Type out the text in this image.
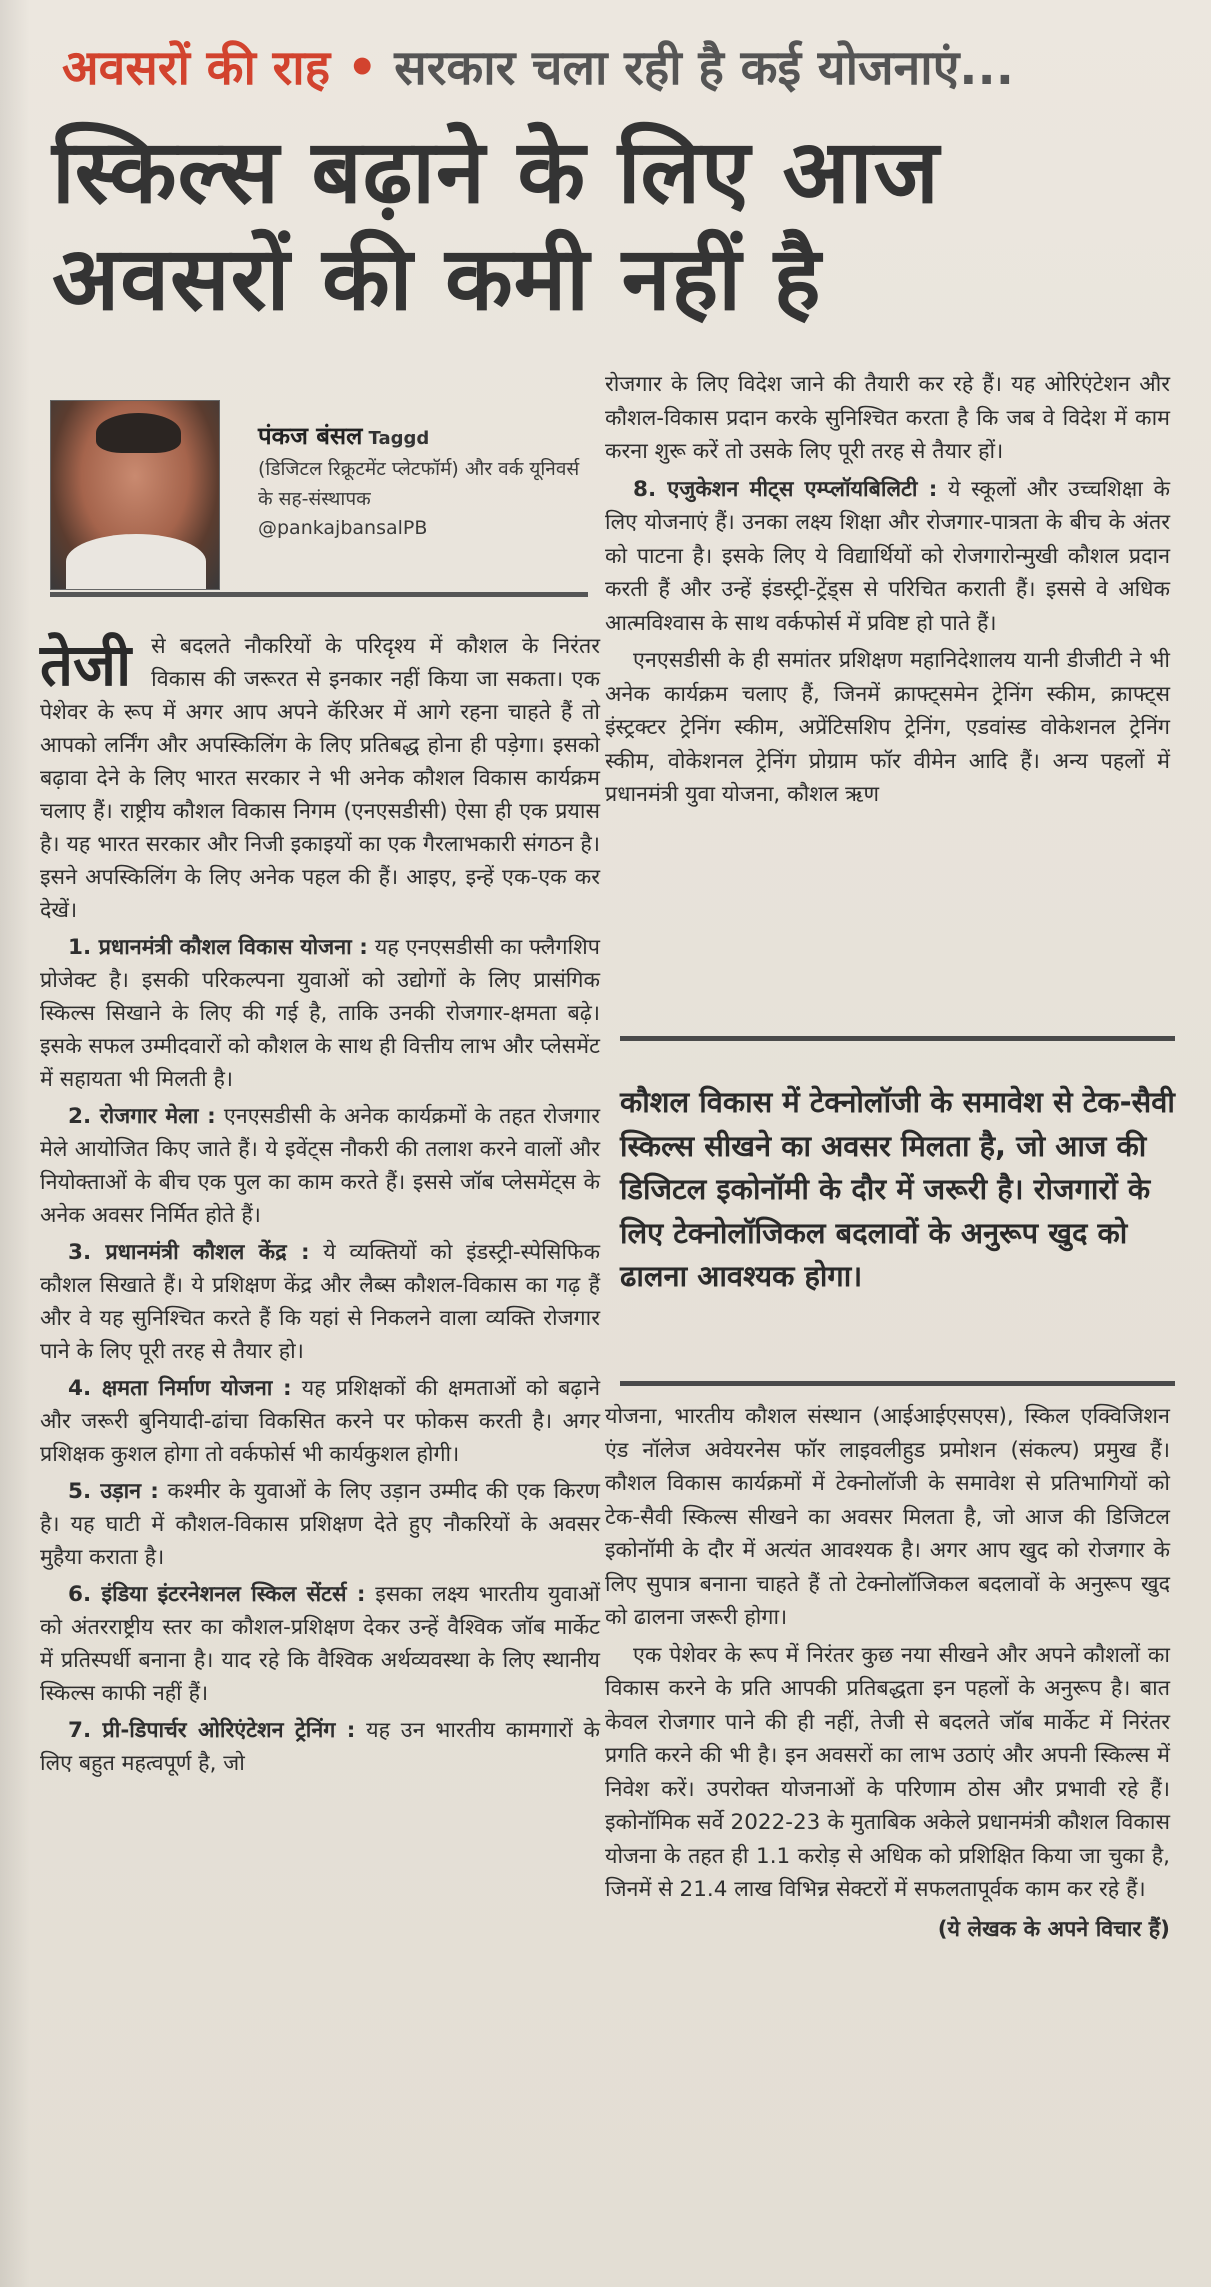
अवसरों की राह • सरकार चला रही है कई योजनाएं...
स्किल्स बढ़ाने के लिए आज
अवसरों की कमी नहीं है
पंकज बंसल Taggd
(डिजिटल रिक्रूटमेंट प्लेटफॉर्म) और वर्क यूनिवर्स के सह-संस्थापक
@pankajbansalPB

तेजी से बदलते नौकरियों के परिदृश्य में कौशल के निरंतर विकास की जरूरत से इनकार नहीं किया जा सकता। एक पेशेवर के रूप में अगर आप अपने कॅरिअर में आगे रहना चाहते हैं तो आपको लर्निंग और अपस्किलिंग के लिए प्रतिबद्ध होना ही पड़ेगा। इसको बढ़ावा देने के लिए भारत सरकार ने भी अनेक कौशल विकास कार्यक्रम चलाए हैं। राष्ट्रीय कौशल विकास निगम (एनएसडीसी) ऐसा ही एक प्रयास है। यह भारत सरकार और निजी इकाइयों का एक गैरलाभकारी संगठन है। इसने अपस्किलिंग के लिए अनेक पहल की हैं। आइए, इन्हें एक-एक कर देखें।

1. प्रधानमंत्री कौशल विकास योजना : यह एनएसडीसी का फ्लैगशिप प्रोजेक्ट है। इसकी परिकल्पना युवाओं को उद्योगों के लिए प्रासंगिक स्किल्स सिखाने के लिए की गई है, ताकि उनकी रोजगार-क्षमता बढ़े। इसके सफल उम्मीदवारों को कौशल के साथ ही वित्तीय लाभ और प्लेसमेंट में सहायता भी मिलती है।

2. रोजगार मेला : एनएसडीसी के अनेक कार्यक्रमों के तहत रोजगार मेले आयोजित किए जाते हैं। ये इवेंट्स नौकरी की तलाश करने वालों और नियोक्ताओं के बीच एक पुल का काम करते हैं। इससे जॉब प्लेसमेंट्स के अनेक अवसर निर्मित होते हैं।

3. प्रधानमंत्री कौशल केंद्र : ये व्यक्तियों को इंडस्ट्री-स्पेसिफिक कौशल सिखाते हैं। ये प्रशिक्षण केंद्र और लैब्स कौशल-विकास का गढ़ हैं और वे यह सुनिश्चित करते हैं कि यहां से निकलने वाला व्यक्ति रोजगार पाने के लिए पूरी तरह से तैयार हो।

4. क्षमता निर्माण योजना : यह प्रशिक्षकों की क्षमताओं को बढ़ाने और जरूरी बुनियादी-ढांचा विकसित करने पर फोकस करती है। अगर प्रशिक्षक कुशल होगा तो वर्कफोर्स भी कार्यकुशल होगी।

5. उड़ान : कश्मीर के युवाओं के लिए उड़ान उम्मीद की एक किरण है। यह घाटी में कौशल-विकास प्रशिक्षण देते हुए नौकरियों के अवसर मुहैया कराता है।

6. इंडिया इंटरनेशनल स्किल सेंटर्स : इसका लक्ष्य भारतीय युवाओं को अंतरराष्ट्रीय स्तर का कौशल-प्रशिक्षण देकर उन्हें वैश्विक जॉब मार्केट में प्रतिस्पर्धी बनाना है। याद रहे कि वैश्विक अर्थव्यवस्था के लिए स्थानीय स्किल्स काफी नहीं हैं।

7. प्री-डिपार्चर ओरिएंटेशन ट्रेनिंग : यह उन भारतीय कामगारों के लिए बहुत महत्वपूर्ण है, जो

रोजगार के लिए विदेश जाने की तैयारी कर रहे हैं। यह ओरिएंटेशन और कौशल-विकास प्रदान करके सुनिश्चित करता है कि जब वे विदेश में काम करना शुरू करें तो उसके लिए पूरी तरह से तैयार हों।

8. एजुकेशन मीट्स एम्प्लॉयबिलिटी : ये स्कूलों और उच्चशिक्षा के लिए योजनाएं हैं। उनका लक्ष्य शिक्षा और रोजगार-पात्रता के बीच के अंतर को पाटना है। इसके लिए ये विद्यार्थियों को रोजगारोन्मुखी कौशल प्रदान करती हैं और उन्हें इंडस्ट्री-ट्रेंड्स से परिचित कराती हैं। इससे वे अधिक आत्मविश्वास के साथ वर्कफोर्स में प्रविष्ट हो पाते हैं।

एनएसडीसी के ही समांतर प्रशिक्षण महानिदेशालय यानी डीजीटी ने भी अनेक कार्यक्रम चलाए हैं, जिनमें क्राफ्ट्समेन ट्रेनिंग स्कीम, क्राफ्ट्स इंस्ट्रक्टर ट्रेनिंग स्कीम, अप्रेंटिसशिप ट्रेनिंग, एडवांस्ड वोकेशनल ट्रेनिंग स्कीम, वोकेशनल ट्रेनिंग प्रोग्राम फॉर वीमेन आदि हैं। अन्य पहलों में प्रधानमंत्री युवा योजना, कौशल ऋण

कौशल विकास में टेक्नोलॉजी के समावेश से टेक-सैवी स्किल्स सीखने का अवसर मिलता है, जो आज की डिजिटल इकोनॉमी के दौर में जरूरी है। रोजगारों के लिए टेक्नोलॉजिकल बदलावों के अनुरूप खुद को ढालना आवश्यक होगा।

योजना, भारतीय कौशल संस्थान (आईआईएसएस), स्किल एक्विजिशन एंड नॉलेज अवेयरनेस फॉर लाइवलीहुड प्रमोशन (संकल्प) प्रमुख हैं। कौशल विकास कार्यक्रमों में टेक्नोलॉजी के समावेश से प्रतिभागियों को टेक-सैवी स्किल्स सीखने का अवसर मिलता है, जो आज की डिजिटल इकोनॉमी के दौर में अत्यंत आवश्यक है। अगर आप खुद को रोजगार के लिए सुपात्र बनाना चाहते हैं तो टेक्नोलॉजिकल बदलावों के अनुरूप खुद को ढालना जरूरी होगा।

एक पेशेवर के रूप में निरंतर कुछ नया सीखने और अपने कौशलों का विकास करने के प्रति आपकी प्रतिबद्धता इन पहलों के अनुरूप है। बात केवल रोजगार पाने की ही नहीं, तेजी से बदलते जॉब मार्केट में निरंतर प्रगति करने की भी है। इन अवसरों का लाभ उठाएं और अपनी स्किल्स में निवेश करें। उपरोक्त योजनाओं के परिणाम ठोस और प्रभावी रहे हैं। इकोनॉमिक सर्वे 2022-23 के मुताबिक अकेले प्रधानमंत्री कौशल विकास योजना के तहत ही 1.1 करोड़ से अधिक को प्रशिक्षित किया जा चुका है, जिनमें से 21.4 लाख विभिन्न सेक्टरों में सफलतापूर्वक काम कर रहे हैं।

(ये लेखक के अपने विचार हैं)
